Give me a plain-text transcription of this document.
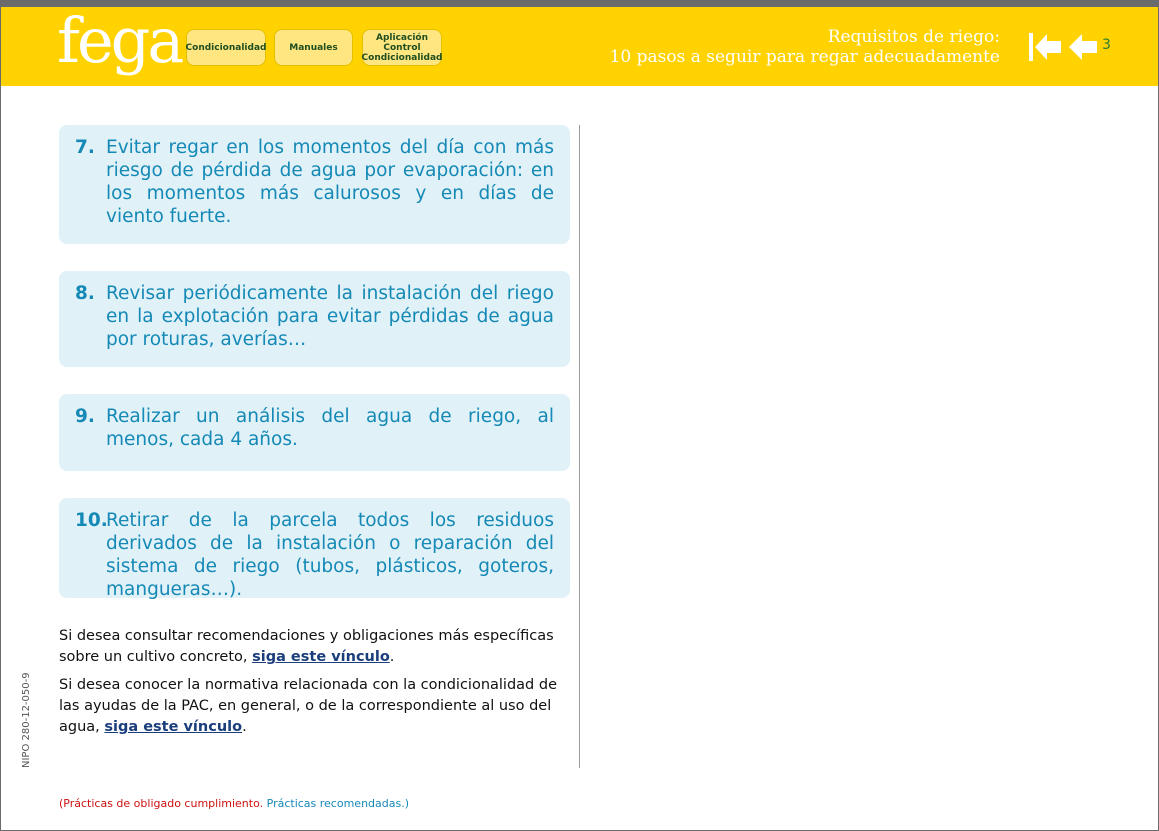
fega Condicionalidad	Manuales
Aplicación
Control
Condicionalidad
Requisitos de riego:
10 pasos a seguir para regar adecuadamente
3
7. Evitar regar en los momentos del día con más riesgo de pérdida de agua por evaporación: en los momentos más calurosos y en días de viento fuerte.
8. Revisar periódicamente la instalación del riego en la explotación para evitar pérdidas de agua por roturas, averías…
9. Realizar un análisis del agua de riego, al menos, cada 4 años.
10.
Retirar de la parcela todos los residuos derivados de la instalación o reparación del sistema de riego (tubos, plásticos, goteros, mangueras…).
Si desea consultar recomendaciones y obligaciones más específicas sobre un cultivo concreto, siga este vínculo.
Si desea conocer la normativa relacionada con la condicionalidad de las ayudas de la PAC, en general, o de la correspondiente al uso del agua, siga este vínculo.
NIPO 280-12-050-9
(Prácticas de obligado cumplimiento. Prácticas recomendadas.)
